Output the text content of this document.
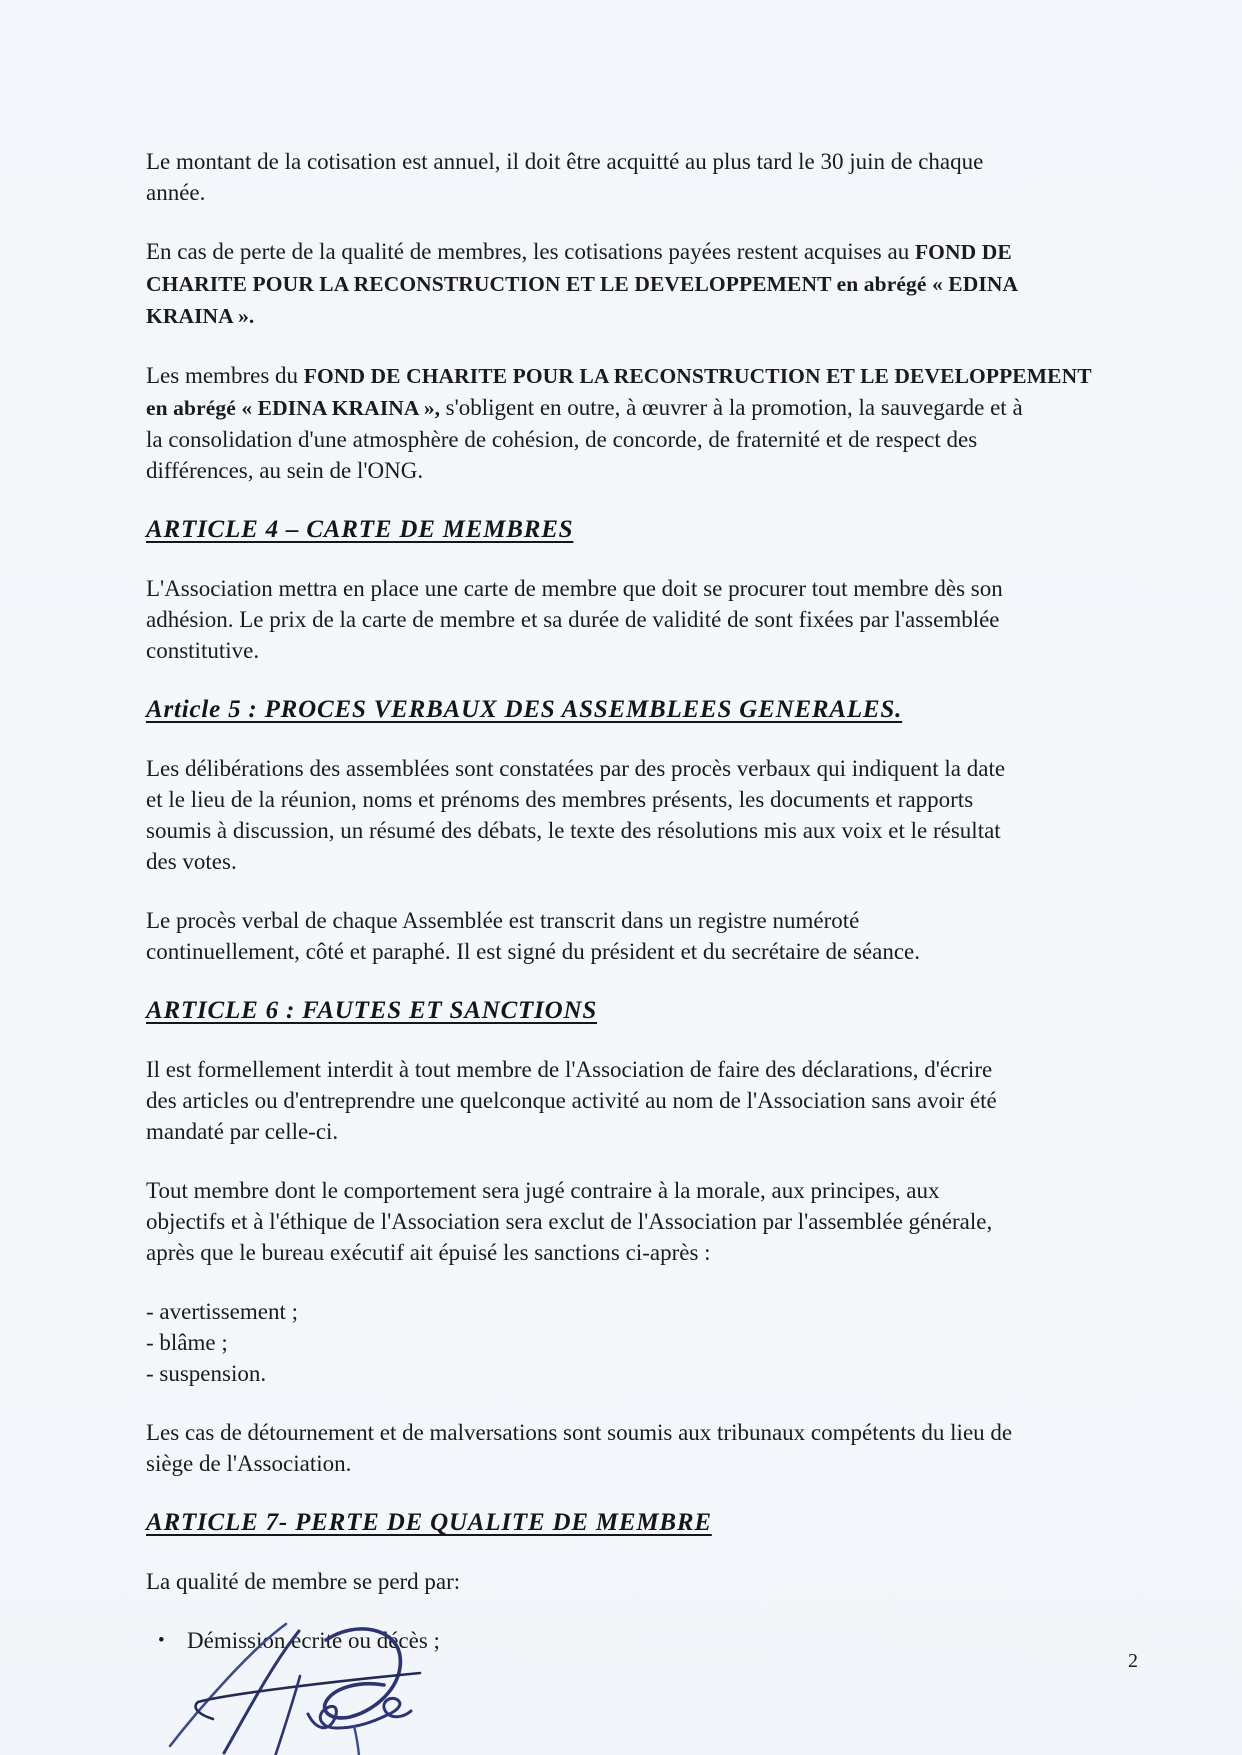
Le montant de la cotisation est annuel, il doit être acquitté au plus tard le 30 juin de chaque
année.

En cas de perte de la qualité de membres, les cotisations payées restent acquises au FOND DE
CHARITE POUR LA RECONSTRUCTION ET LE DEVELOPPEMENT en abrégé « EDINA
KRAINA ».

Les membres du FOND DE CHARITE POUR LA RECONSTRUCTION ET LE DEVELOPPEMENT
en abrégé « EDINA KRAINA », s'obligent en outre, à œuvrer à la promotion, la sauvegarde et à
la consolidation d'une atmosphère de cohésion, de concorde, de fraternité et de respect des
différences, au sein de l'ONG.

ARTICLE 4 – CARTE DE MEMBRES

L'Association mettra en place une carte de membre que doit se procurer tout membre dès son
adhésion. Le prix de la carte de membre et sa durée de validité de sont fixées par l'assemblée
constitutive.

Article 5 : PROCES VERBAUX DES ASSEMBLEES GENERALES.

Les délibérations des assemblées sont constatées par des procès verbaux qui indiquent la date
et le lieu de la réunion, noms et prénoms des membres présents, les documents et rapports
soumis à discussion, un résumé des débats, le texte des résolutions mis aux voix et le résultat
des votes.

Le procès verbal de chaque Assemblée est transcrit dans un registre numéroté
continuellement, côté et paraphé. Il est signé du président et du secrétaire de séance.

ARTICLE 6 : FAUTES ET SANCTIONS

Il est formellement interdit à tout membre de l'Association de faire des déclarations, d'écrire
des articles ou d'entreprendre une quelconque activité au nom de l'Association sans avoir été
mandaté par celle-ci.

Tout membre dont le comportement sera jugé contraire à la morale, aux principes, aux
objectifs et à l'éthique de l'Association sera exclut de l'Association par l'assemblée générale,
après que le bureau exécutif ait épuisé les sanctions ci-après :

- avertissement ;
- blâme ;
- suspension.

Les cas de détournement et de malversations sont soumis aux tribunaux compétents du lieu de
siège de l'Association.

ARTICLE 7- PERTE DE QUALITE DE MEMBRE

La qualité de membre se perd par:

• Démission écrite ou décès ;
2
